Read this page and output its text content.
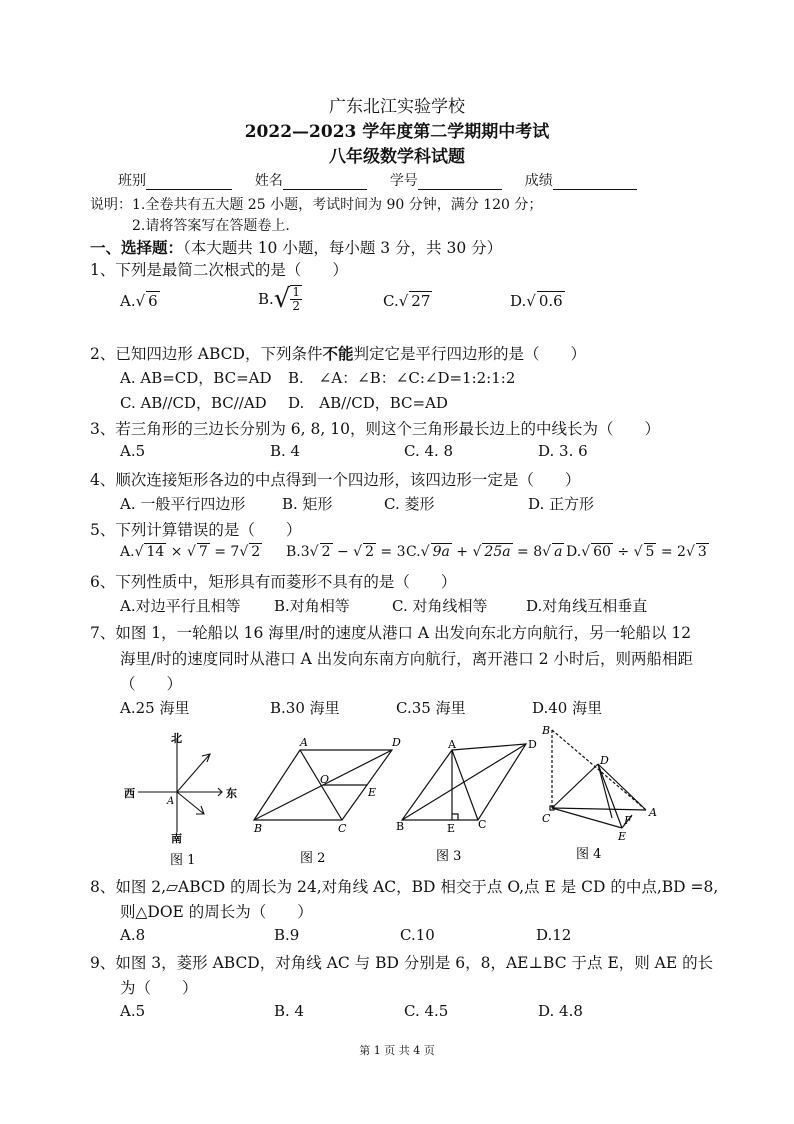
广东北江实验学校
2022—2023 学年度第二学期期中考试
八年级数学科试题
班别	姓名	学号	成绩
说明：1.全卷共有五大题 25 小题，考试时间为 90 分钟，满分 120 分；
2.请将答案写在答题卷上.
一、选择题：（本大题共 10 小题，每小题 3 分，共 30 分）
1、下列是最简二次根式的是（　　）
A.√ 6	$B.√ \frac{1}{2}$	C.√ 27	D.√ 0.6
2、已知四边形 ABCD，下列条件不能判定它是平行四边形的是（　　）
A. AB=CD，BC=AD B.　∠A：∠B：∠C:∠D=1:2:1:2
C. AB//CD，BC//AD D.　AB//CD，BC=AD
3、若三角形的三边长分别为 6, 8, 10，则这个三角形最长边上的中线长为（　　）
A.5	B. 4	C. 4. 8	D. 3. 6
4、顺次连接矩形各边的中点得到一个四边形，该四边形一定是（　　）
A. 一般平行四边形 B. 矩形	C. 菱形	D. 正方形
5、下列计算错误的是（　　）
A.√ 14 × √ 7 = 7√ 2 B.3√ 2 − √ 2 = 3 C.√ 9a + √ 25a = 8√ a D.√ 60 ÷ √ 5 = 2√ 3
6、下列性质中，矩形具有而菱形不具有的是（　　）
A.对边平行且相等 B.对角相等	C. 对角线相等	D.对角线互相垂直
7、如图 1，一轮船以 16 海里/时的速度从港口 A 出发向东北方向航行，另一轮船以 12
海里/时的速度同时从港口 A 出发向东南方向航行，离开港口 2 小时后，则两船相距
（　　）
A.25 海里	B.30 海里	C.35 海里	D.40 海里
北
南
西	东
A
A	D
B	C
O
E
A	D
B	C
E
B
D
A
C	F
E
图 1	图 2	图 3	图 4
8、如图 2,▱ABCD 的周长为 24,对角线 AC，BD 相交于点 O,点 E 是 CD 的中点,BD =8,
则△DOE 的周长为（　　）
A.8	B.9	C.10	D.12
9、如图 3，菱形 ABCD，对角线 AC 与 BD 分别是 6，8，AE⊥BC 于点 E，则 AE 的长
为（　　）
A.5	B. 4	C. 4.5	D. 4.8
第 1 页 共 4 页
